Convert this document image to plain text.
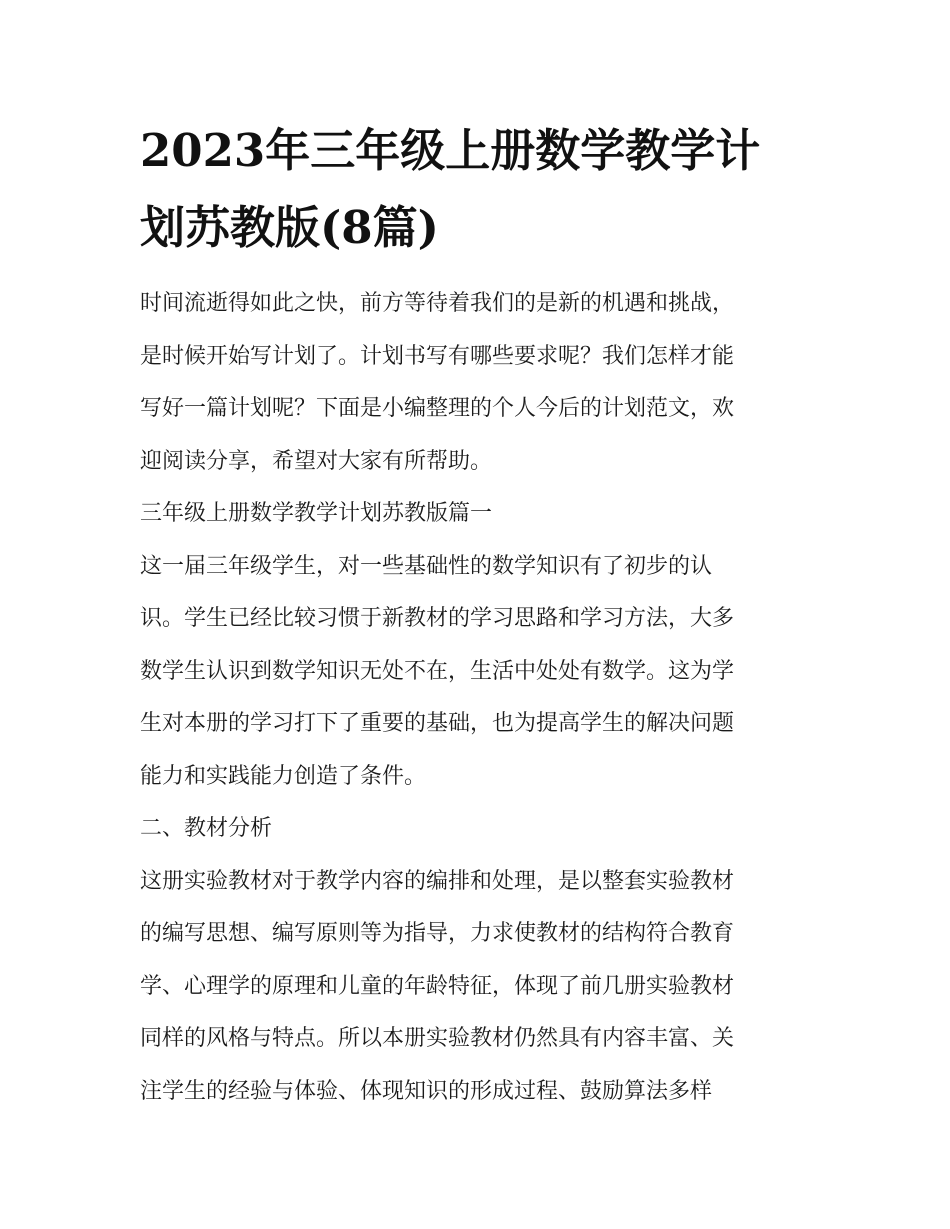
2023年三年级上册数学教学计
划苏教版(8篇)
时间流逝得如此之快，前方等待着我们的是新的机遇和挑战，
是时候开始写计划了。计划书写有哪些要求呢？我们怎样才能
写好一篇计划呢？下面是小编整理的个人今后的计划范文，欢
迎阅读分享，希望对大家有所帮助。
三年级上册数学教学计划苏教版篇一
这一届三年级学生，对一些基础性的数学知识有了初步的认
识。学生已经比较习惯于新教材的学习思路和学习方法，大多
数学生认识到数学知识无处不在，生活中处处有数学。这为学
生对本册的学习打下了重要的基础，也为提高学生的解决问题
能力和实践能力创造了条件。
二、教材分析
这册实验教材对于教学内容的编排和处理，是以整套实验教材
的编写思想、编写原则等为指导，力求使教材的结构符合教育
学、心理学的原理和儿童的年龄特征，体现了前几册实验教材
同样的风格与特点。所以本册实验教材仍然具有内容丰富、关
注学生的经验与体验、体现知识的形成过程、鼓励算法多样
